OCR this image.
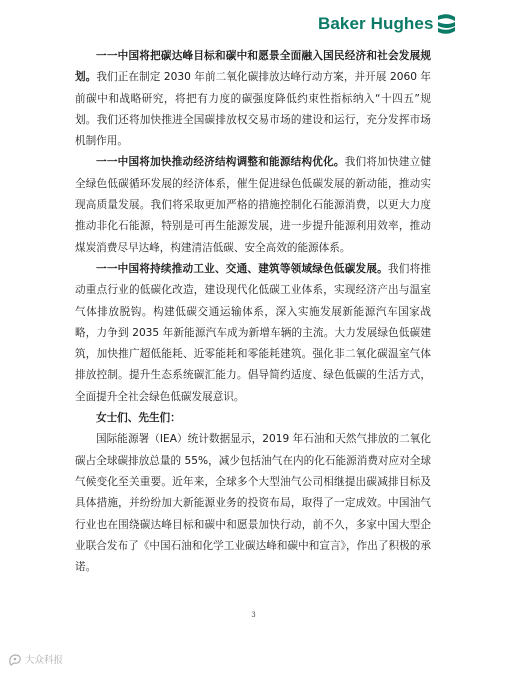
Baker Hughes

一一中国将把碳达峰目标和碳中和愿景全面融入国民经济和社会发展规划。我们正在制定 2030 年前二氧化碳排放达峰行动方案，并开展 2060 年前碳中和战略研究，将把有力度的碳强度降低约束性指标纳入“十四五”规划。我们还将加快推进全国碳排放权交易市场的建设和运行，充分发挥市场机制作用。

一一中国将加快推动经济结构调整和能源结构优化。我们将加快建立健全绿色低碳循环发展的经济体系，催生促进绿色低碳发展的新动能，推动实现高质量发展。我们将采取更加严格的措施控制化石能源消费，以更大力度推动非化石能源，特别是可再生能源发展，进一步提升能源利用效率，推动煤炭消费尽早达峰，构建清洁低碳、安全高效的能源体系。

一一中国将持续推动工业、交通、建筑等领域绿色低碳发展。我们将推动重点行业的低碳化改造，建设现代化低碳工业体系，实现经济产出与温室气体排放脱钩。构建低碳交通运输体系，深入实施发展新能源汽车国家战略，力争到 2035 年新能源汽车成为新增车辆的主流。大力发展绿色低碳建筑，加快推广超低能耗、近零能耗和零能耗建筑。强化非二氧化碳温室气体排放控制。提升生态系统碳汇能力。倡导简约适度、绿色低碳的生活方式，全面提升全社会绿色低碳发展意识。

女士们、先生们：

国际能源署（IEA）统计数据显示，2019 年石油和天然气排放的二氧化碳占全球碳排放总量的 55%，减少包括油气在内的化石能源消费对应对全球气候变化至关重要。近年来，全球多个大型油气公司相继提出碳减排目标及具体措施，并纷纷加大新能源业务的投资布局，取得了一定成效。中国油气行业也在围绕碳达峰目标和碳中和愿景加快行动，前不久，多家中国大型企业联合发布了《中国石油和化学工业碳达峰和碳中和宣言》，作出了积极的承诺。

3
大众科报
